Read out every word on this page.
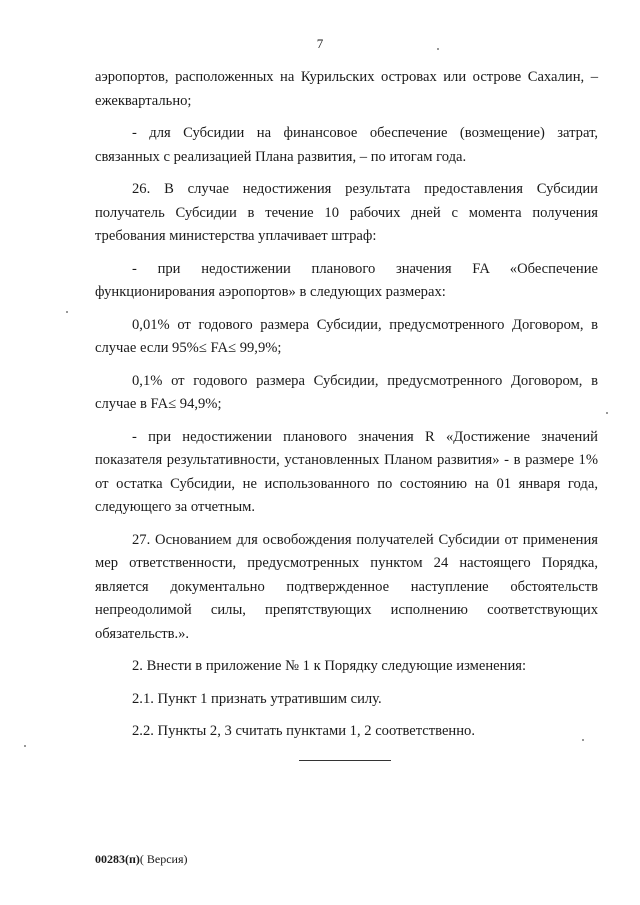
7

аэропортов, расположенных на Курильских островах или острове Сахалин, – ежеквартально;

- для Субсидии на финансовое обеспечение (возмещение) затрат, связанных с реализацией Плана развития, – по итогам года.

26. В случае недостижения результата предоставления Субсидии получатель Субсидии в течение 10 рабочих дней с момента получения требования министерства уплачивает штраф:

- при недостижении планового значения FA «Обеспечение функционирования аэропортов» в следующих размерах:

0,01% от годового размера Субсидии, предусмотренного Договором, в случае если 95%≤ FA≤ 99,9%;

0,1% от годового размера Субсидии, предусмотренного Договором, в случае в FA≤ 94,9%;

- при недостижении планового значения R «Достижение значений показателя результативности, установленных Планом развития» - в размере 1% от остатка Субсидии, не использованного по состоянию на 01 января года, следующего за отчетным.

27. Основанием для освобождения получателей Субсидии от применения мер ответственности, предусмотренных пунктом 24 настоящего Порядка, является документально подтвержденное наступление обстоятельств непреодолимой силы, препятствующих исполнению соответствующих обязательств.».

2. Внести в приложение № 1 к Порядку следующие изменения:

2.1. Пункт 1 признать утратившим силу.

2.2. Пункты 2, 3 считать пунктами 1, 2 соответственно.

00283(п)( Версия)
